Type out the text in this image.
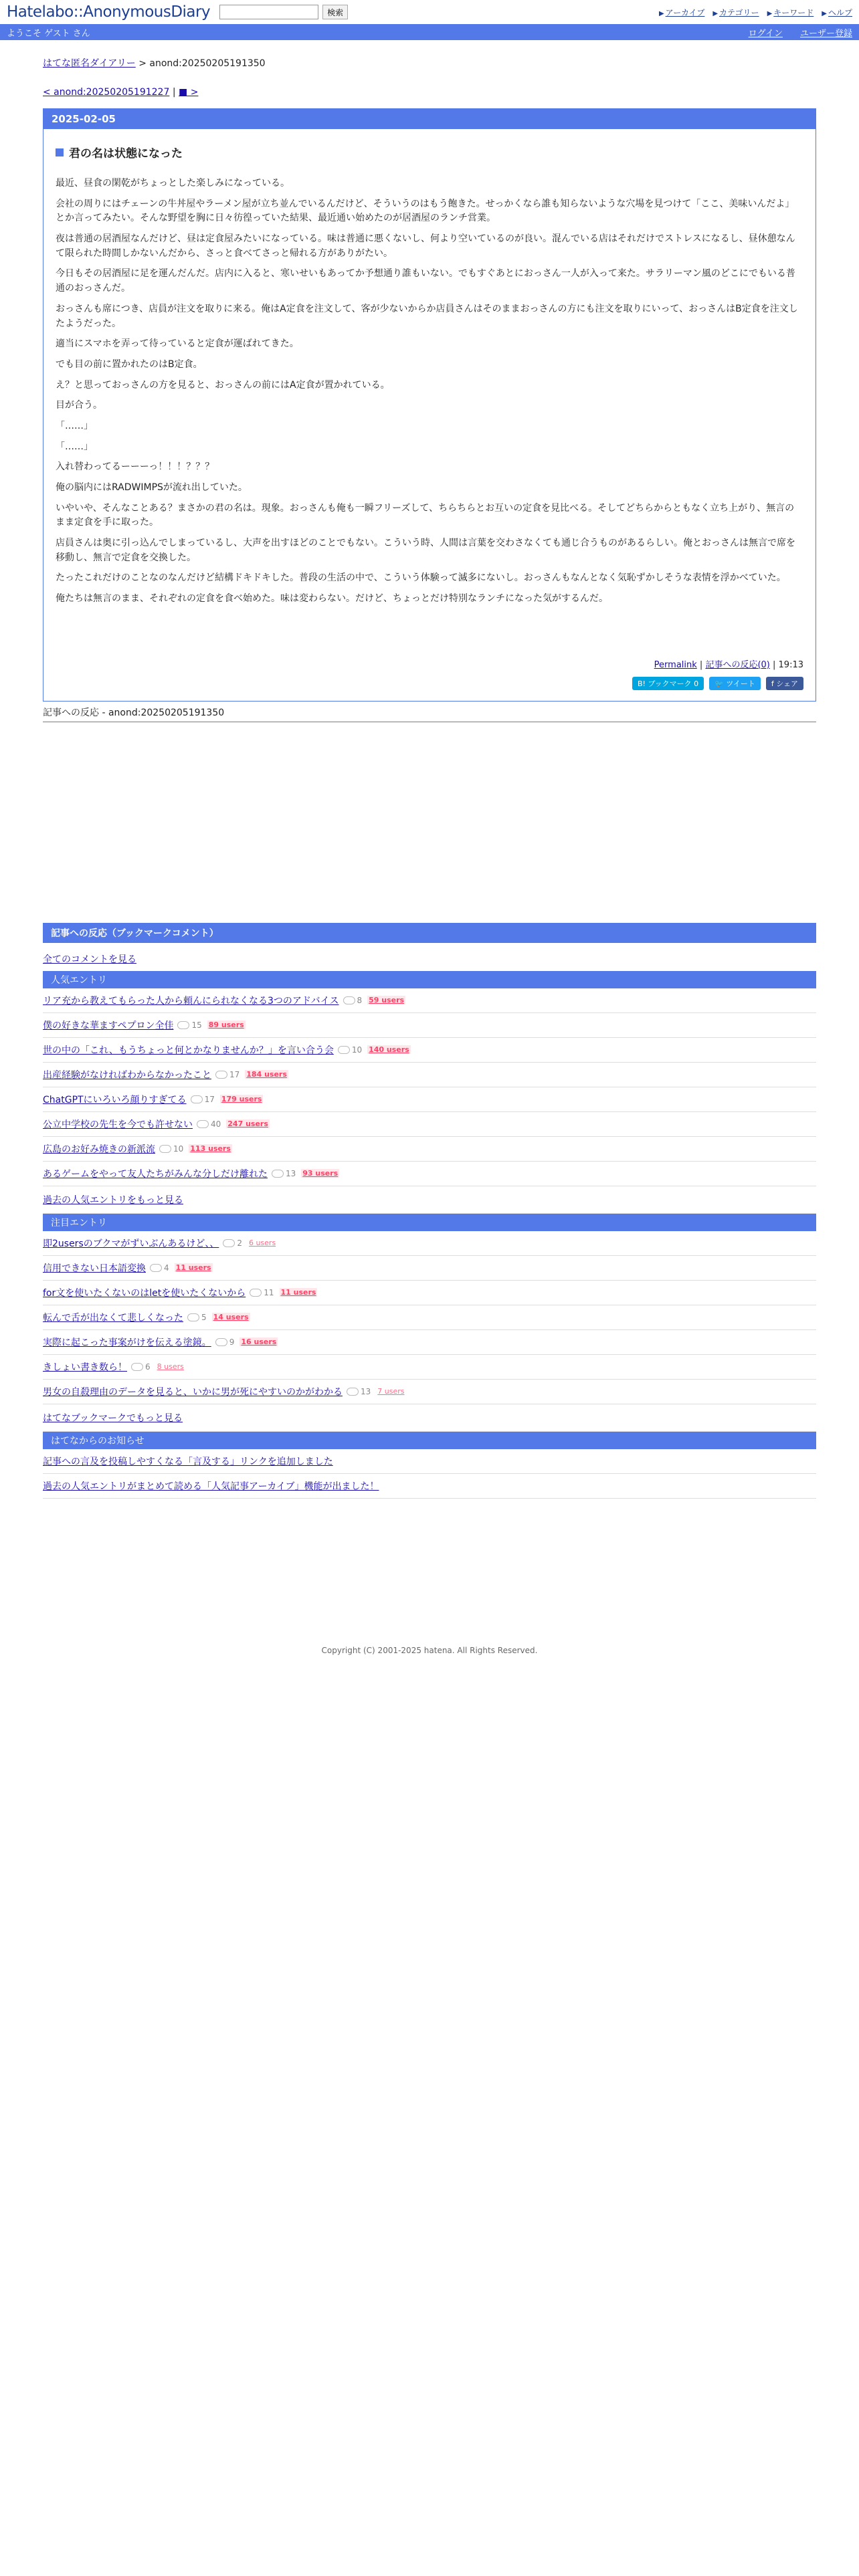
Hatelabo::AnonymousDiary	検索	▶ アーカイブ ▶ カテゴリー ▶ キーワード ▶ ヘルプ
ようこそ ゲスト さん	ログイン ユーザー登録
はてな匿名ダイアリー > anond:20250205191350
< anond:20250205191227 | ■ >
2025-02-05
君の名は状態になった

最近、昼食の閑乾がちょっとした楽しみになっている。

会社の周りにはチェーンの牛丼屋やラーメン屋が立ち並んでいるんだけど、そういうのはもう飽きた。せっかくなら誰も知らないような穴場を見つけて「ここ、美味いんだよ」とか言ってみたい。そんな野望を胸に日々彷徨っていた結果、最近通い始めたのが居酒屋のランチ営業。

夜は普通の居酒屋なんだけど、昼は定食屋みたいになっている。味は普通に悪くないし、何より空いているのが良い。混んでいる店はそれだけでストレスになるし、昼休憩なんて限られた時間しかないんだから、さっと食べてさっと帰れる方がありがたい。

今日もその居酒屋に足を運んだんだ。店内に入ると、寒いせいもあってか予想通り誰もいない。でもすぐあとにおっさん一人が入って来た。サラリーマン風のどこにでもいる普通のおっさんだ。

おっさんも席につき、店員が注文を取りに来る。俺はA定食を注文して、客が少ないからか店員さんはそのままおっさんの方にも注文を取りにいって、おっさんはB定食を注文したようだった。

適当にスマホを弄って待っていると定食が運ばれてきた。

でも目の前に置かれたのはB定食。

え？と思っておっさんの方を見ると、おっさんの前にはA定食が置かれている。

目が合う。

「……」

「……」

入れ替わってるーーーっ！！！？？？

俺の脳内にはRADWIMPSが流れ出していた。

いやいや、そんなことある？まさかの君の名は。現象。おっさんも俺も一瞬フリーズして、ちらちらとお互いの定食を見比べる。そしてどちらからともなく立ち上がり、無言のまま定食を手に取った。

店員さんは奥に引っ込んでしまっているし、大声を出すほどのことでもない。こういう時、人間は言葉を交わさなくても通じ合うものがあるらしい。俺とおっさんは無言で席を移動し、無言で定食を交換した。

たったこれだけのことなのなんだけど結構ドキドキした。普段の生活の中で、こういう体験って滅多にないし。おっさんもなんとなく気恥ずかしそうな表情を浮かべていた。

俺たちは無言のまま、それぞれの定食を食べ始めた。味は変わらない。だけど、ちょっとだけ特別なランチになった気がするんだ。

Permalink | 記事への反応(0) | 19:13
B! ブックマーク 0	🐦 ツイート	f シェア
記事への反応 - anond:20250205191350
記事への反応（ブックマークコメント）
全てのコメントを見る
人気エントリ
リア充から教えてもらった人から頼んにられなくなる3つのアドバイス 8 59 users
僕の好きな華ますペプロン全佳 15 89 users
世の中の「これ、もうちょっと何とかなりませんか？」を言い合う会 10 140 users
出産経験がなければわからなかったこと 17 184 users
ChatGPTにいろいろ顔りすぎてる 17 179 users
公立中学校の先生を今でも許せない 40 247 users
広島のお好み焼きの新派流 10 113 users
あるゲームをやって友人たちがみんな分しだけ離れた 13 93 users
過去の人気エントリをもっと見る
注目エントリ
即2usersのブクマがずいぶんあるけど、、 2 6 users
信用できない日本語変換 4 11 users
for文を使いたくないのはletを使いたくないから 11 11 users
転んで舌が出なくて悲しくなった 5 14 users
実際に起こった事案がけを伝える塗鏡。 9 16 users
きしょい書き数ら！ 6 8 users
男女の自殺理由のデータを見ると、いかに男が死にやすいのかがわかる 13 7 users
はてなブックマークでもっと見る
はてなからのお知らせ
記事への言及を投稿しやすくなる「言及する」リンクを追加しました
過去の人気エントリがまとめて読める「人気記事アーカイブ」機能が出ました！
Copyright (C) 2001-2025 hatena. All Rights Reserved.
